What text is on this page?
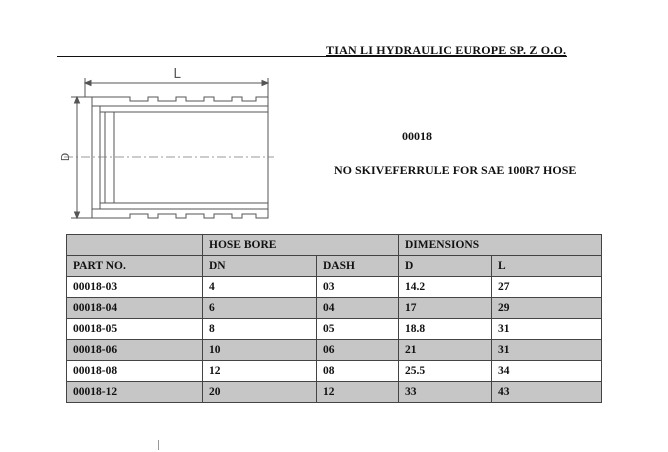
TIAN LI HYDRAULIC EUROPE SP. Z O.O.
L
D
00018
NO SKIVEFERRULE FOR SAE 100R7 HOSE
	HOSE BORE		DIMENSIONS	
PART NO.	DN	DASH	D	L
00018-03	4	03	14.2	27
00018-04	6	04	17	29
00018-05	8	05	18.8	31
00018-06	10	06	21	31
00018-08	12	08	25.5	34
00018-12	20	12	33	43
